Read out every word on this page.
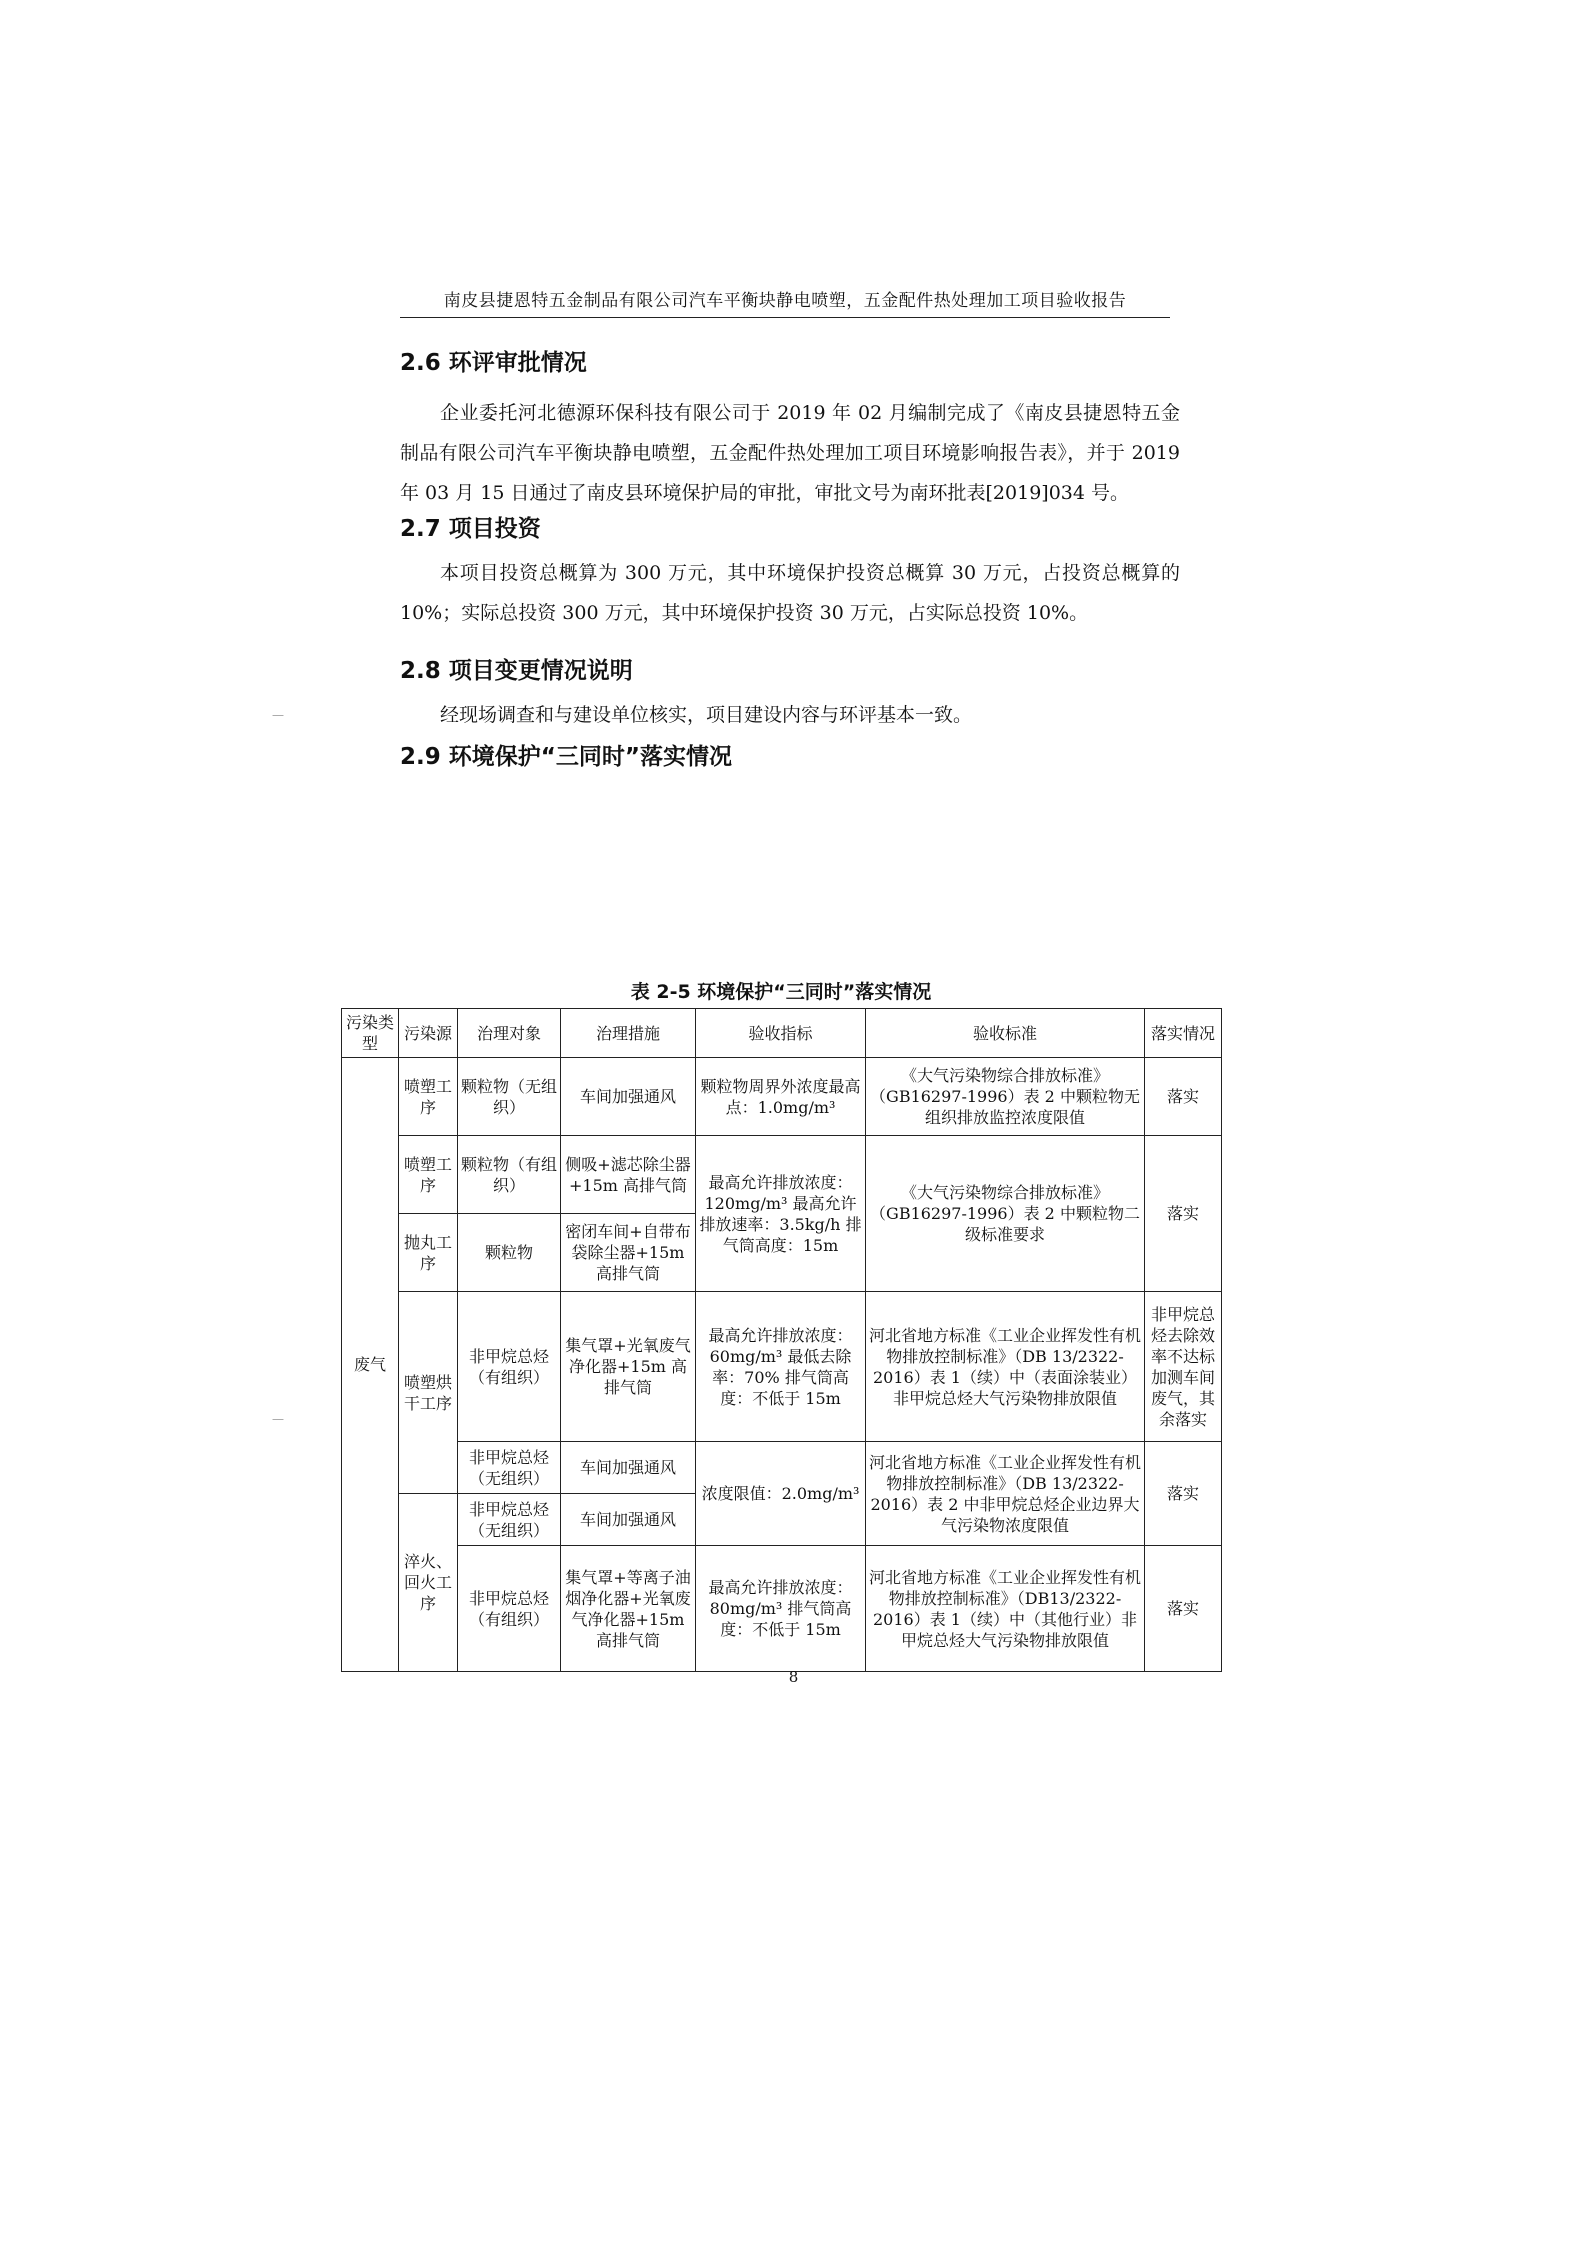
南皮县捷恩特五金制品有限公司汽车平衡块静电喷塑，五金配件热处理加工项目验收报告
2.6 环评审批情况

企业委托河北德源环保科技有限公司于 2019 年 02 月编制完成了《南皮县捷恩特五金制品有限公司汽车平衡块静电喷塑，五金配件热处理加工项目环境影响报告表》，并于 2019 年 03 月 15 日通过了南皮县环境保护局的审批，审批文号为南环批表[2019]034 号。

2.7 项目投资

本项目投资总概算为 300 万元，其中环境保护投资总概算 30 万元，占投资总概算的 10%；实际总投资 300 万元，其中环境保护投资 30 万元，占实际总投资 10%。

2.8 项目变更情况说明

经现场调查和与建设单位核实，项目建设内容与环评基本一致。

2.9 环境保护“三同时”落实情况
表 2-5 环境保护“三同时”落实情况
污染类型	污染源	治理对象	治理措施	验收指标	验收标准	落实情况
废气	喷塑工序	颗粒物（无组织）	车间加强通风	颗粒物周界外浓度最高点：1.0mg/m³	《大气污染物综合排放标准》（GB16297-1996）表 2 中颗粒物无组织排放监控浓度限值	落实
	喷塑工序	颗粒物（有组织）	侧吸+滤芯除尘器+15m 高排气筒	最高允许排放浓度：120mg/m³ 最高允许排放速率：3.5kg/h 排气筒高度：15m	《大气污染物综合排放标准》（GB16297-1996）表 2 中颗粒物二级标准要求	落实
	抛丸工序	颗粒物	密闭车间+自带布袋除尘器+15m 高排气筒			
	喷塑烘干工序	非甲烷总烃（有组织）	集气罩+光氧废气净化器+15m 高排气筒	最高允许排放浓度：60mg/m³ 最低去除率：70% 排气筒高度：不低于 15m	河北省地方标准《工业企业挥发性有机物排放控制标准》（DB 13/2322-2016）表 1（续）中（表面涂装业）非甲烷总烃大气污染物排放限值	非甲烷总烃去除效率不达标加测车间废气，其余落实
		非甲烷总烃（无组织）	车间加强通风	浓度限值：2.0mg/m³	河北省地方标准《工业企业挥发性有机物排放控制标准》（DB 13/2322-2016）表 2 中非甲烷总烃企业边界大气污染物浓度限值	落实
	淬火、回火工序	非甲烷总烃（无组织）	车间加强通风			
		非甲烷总烃（有组织）	集气罩+等离子油烟净化器+光氧废气净化器+15m 高排气筒	最高允许排放浓度：80mg/m³ 排气筒高度：不低于 15m	河北省地方标准《工业企业挥发性有机物排放控制标准》（DB13/2322-2016）表 1（续）中（其他行业）非甲烷总烃大气污染物排放限值	落实
8
—
—
